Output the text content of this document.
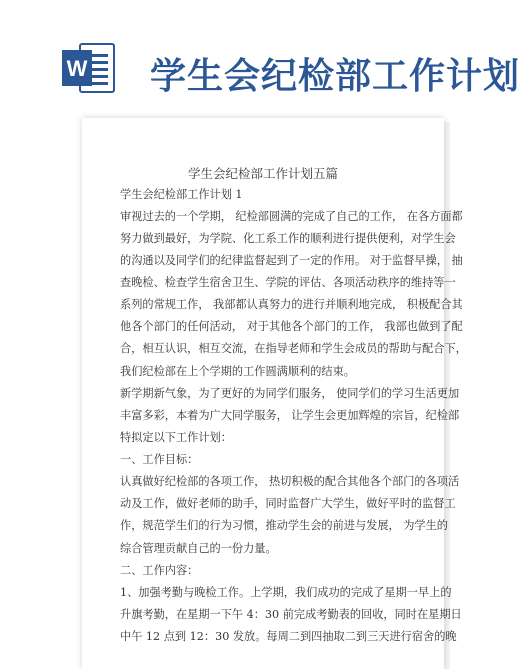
W 学生会纪检部工作计划
学生会纪检部工作计划五篇
学生会纪检部工作计划 1
审视过去的一个学期， 纪检部圆满的完成了自己的工作， 在各方面都
努力做到最好，为学院、化工系工作的顺利进行提供便利，对学生会
的沟通以及同学们的纪律监督起到了一定的作用。 对于监督早操， 抽
查晚检、检查学生宿舍卫生、学院的评估、各项活动秩序的维持等一
系列的常规工作， 我部都认真努力的进行并顺利地完成， 积极配合其
他各个部门的任何活动， 对于其他各个部门的工作， 我部也做到了配
合，相互认识，相互交流，在指导老师和学生会成员的帮助与配合下，
我们纪检部在上个学期的工作圆满顺利的结束。
新学期新气象，为了更好的为同学们服务， 使同学们的学习生活更加
丰富多彩，本着为广大同学服务， 让学生会更加辉煌的宗旨，纪检部
特拟定以下工作计划：
一、工作目标：
认真做好纪检部的各项工作， 热切积极的配合其他各个部门的各项活
动及工作，做好老师的助手，同时监督广大学生，做好平时的监督工
作，规范学生们的行为习惯，推动学生会的前进与发展， 为学生的
综合管理贡献自己的一份力量。
二、工作内容：
1、加强考勤与晚检工作。上学期，我们成功的完成了星期一早上的
升旗考勤，在星期一下午 4：30 前完成考勤表的回收，同时在星期日
中午 12 点到 12：30 发放。每周二到四抽取二到三天进行宿舍的晚
